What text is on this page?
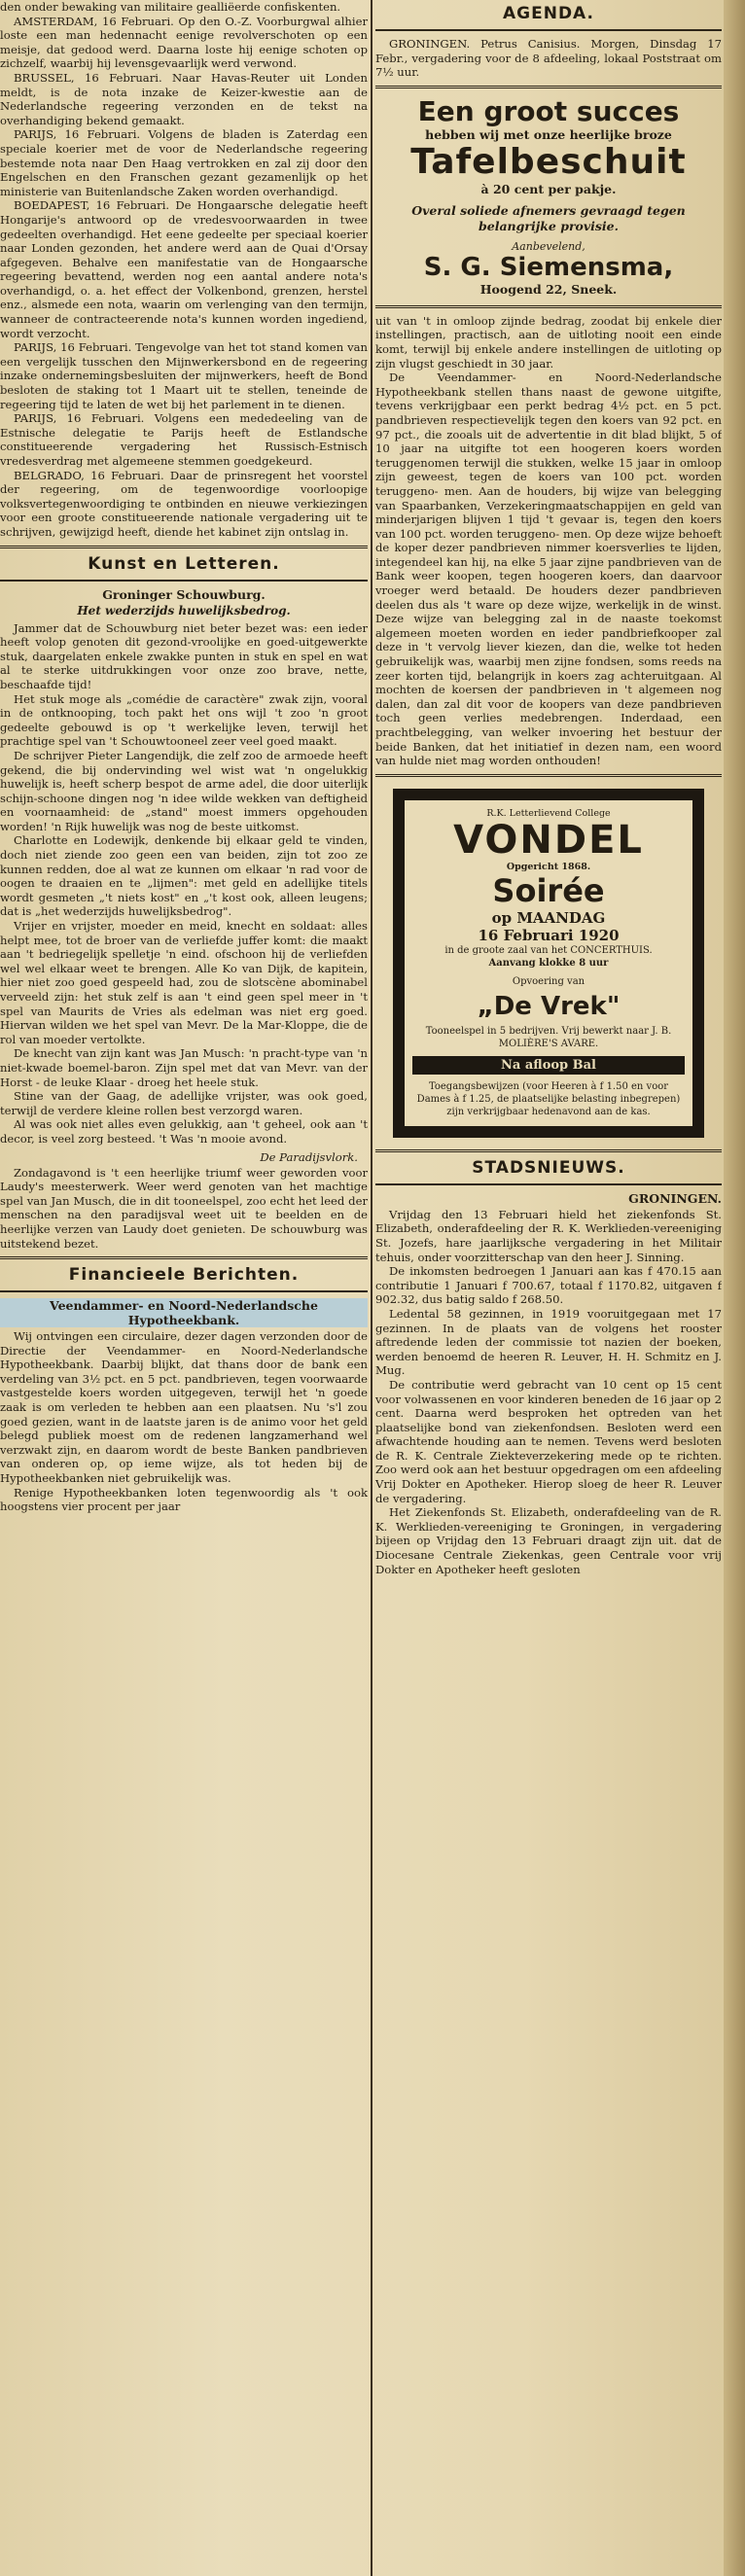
den onder bewaking van militaire gealliëerde confiskenten.

AMSTERDAM, 16 Februari. Op den O.-Z. Voorburgwal alhier loste een man hedennacht eenige revolverschoten op een meisje, dat gedood werd. Daarna loste hij eenige schoten op zichzelf, waarbij hij levensgevaarlijk werd verwond.

BRUSSEL, 16 Februari. Naar Havas-Reuter uit Londen meldt, is de nota inzake de Keizer-kwestie aan de Nederlandsche regeering verzonden en de tekst na overhandiging bekend gemaakt.

PARIJS, 16 Februari. Volgens de bladen is Zaterdag een speciale koerier met de voor de Nederlandsche regeering bestemde nota naar Den Haag vertrokken en zal zij door den Engelschen en den Franschen gezant gezamenlijk op het ministerie van Buitenlandsche Zaken worden overhandigd.

BOEDAPEST, 16 Februari. De Hongaarsche delegatie heeft Hongarije's antwoord op de vredesvoorwaarden in twee gedeelten overhandigd. Het eene gedeelte per speciaal koerier naar Londen gezonden, het andere werd aan de Quai d'Orsay afgegeven. Behalve een manifestatie van de Hongaarsche regeering bevattend, werden nog een aantal andere nota's overhandigd, o. a. het effect der Volkenbond, grenzen, herstel enz., alsmede een nota, waarin om verlenging van den termijn, wanneer de contracteerende nota's kunnen worden ingediend, wordt verzocht.

PARIJS, 16 Februari. Tengevolge van het tot stand komen van een vergelijk tusschen den Mijnwerkersbond en de regeering inzake ondernemingsbesluiten der mijnwerkers, heeft de Bond besloten de staking tot 1 Maart uit te stellen, teneinde de regeering tijd te laten de wet bij het parlement in te dienen.

PARIJS, 16 Februari. Volgens een mededeeling van de Estnische delegatie te Parijs heeft de Estlandsche constitueerende vergadering het Russisch-Estnisch vredesverdrag met algemeene stemmen goedgekeurd.

BELGRADO, 16 Februari. Daar de prinsregent het voorstel der regeering, om de tegenwoordige voorloopige volksvertegenwoordiging te ontbinden en nieuwe verkiezingen voor een groote constitueerende nationale vergadering uit te schrijven, gewijzigd heeft, diende het kabinet zijn ontslag in.

Kunst en Letteren.
Groninger Schouwburg.
Het wederzijds huwelijksbedrog.

Jammer dat de Schouwburg niet beter bezet was: een ieder heeft volop genoten dit gezond-vroolijke en goed-uitgewerkte stuk, daargelaten enkele zwakke punten in stuk en spel en wat al te sterke uitdrukkingen voor onze zoo brave, nette, beschaafde tijd!

Het stuk moge als „comédie de caractère" zwak zijn, vooral in de ontknooping, toch pakt het ons wijl 't zoo 'n groot gedeelte gebouwd is op 't werkelijke leven, terwijl het prachtige spel van 't Schouwtooneel zeer veel goed maakt.

De schrijver Pieter Langendijk, die zelf zoo de armoede heeft gekend, die bij ondervinding wel wist wat 'n ongelukkig huwelijk is, heeft scherp bespot de arme adel, die door uiterlijk schijn-schoone dingen nog 'n idee wilde wekken van deftigheid en voornaamheid: de „stand" moest immers opgehouden worden! 'n Rijk huwelijk was nog de beste uitkomst.

Charlotte en Lodewijk, denkende bij elkaar geld te vinden, doch niet ziende zoo geen een van beiden, zijn tot zoo ze kunnen redden, doe al wat ze kunnen om elkaar 'n rad voor de oogen te draaien en te „lijmen": met geld en adellijke titels wordt gesmeten „'t niets kost" en „'t kost ook, alleen leugens; dat is „het wederzijds huwelijksbedrog".

Vrijer en vrijster, moeder en meid, knecht en soldaat: alles helpt mee, tot de broer van de verliefde juffer komt: die maakt aan 't bedriegelijk spelletje 'n eind. ofschoon hij de verliefden wel wel elkaar weet te brengen. Alle Ko van Dijk, de kapitein, hier niet zoo goed gespeeld had, zou de slotscène abominabel verveeld zijn: het stuk zelf is aan 't eind geen spel meer in 't spel van Maurits de Vries als edelman was niet erg goed. Hiervan wilden we het spel van Mevr. De la Mar-Kloppe, die de rol van moeder vertolkte.

De knecht van zijn kant was Jan Musch: 'n pracht-type van 'n niet-kwade boemel-baron. Zijn spel met dat van Mevr. van der Horst - de leuke Klaar - droeg het heele stuk.

Stine van der Gaag, de adellijke vrijster, was ook goed, terwijl de verdere kleine rollen best verzorgd waren.

Al was ook niet alles even gelukkig, aan 't geheel, ook aan 't decor, is veel zorg besteed. 't Was 'n mooie avond.

De Paradijsvlork.

Zondagavond is 't een heerlijke triumf weer geworden voor Laudy's meesterwerk. Weer werd genoten van het machtige spel van Jan Musch, die in dit tooneelspel, zoo echt het leed der menschen na den paradijsval weet uit te beelden en de heerlijke verzen van Laudy doet genieten. De schouwburg was uitstekend bezet.

Financieele Berichten.
Veendammer- en Noord-Nederlandsche Hypotheekbank.

Wij ontvingen een circulaire, dezer dagen verzonden door de Directie der Veendammer- en Noord-Nederlandsche Hypotheekbank. Daarbij blijkt, dat thans door de bank een verdeling van 3½ pct. en 5 pct. pandbrieven, tegen voorwaarde vastgestelde koers worden uitgegeven, terwijl het 'n goede zaak is om verleden te hebben aan een plaatsen. Nu 's'l zou goed gezien, want in de laatste jaren is de animo voor het geld belegd publiek moest om de redenen langzamerhand wel verzwakt zijn, en daarom wordt de beste Banken pandbrieven van onderen op, op ieme wijze, als tot heden bij de Hypotheekbanken niet gebruikelijk was.

Renige Hypotheekbanken loten tegenwoordig als 't ook hoogstens vier procent per jaar

AGENDA.

GRONINGEN. Petrus Canisius. Morgen, Dinsdag 17 Febr., vergadering voor de 8 afdeeling, lokaal Poststraat om 7½ uur.

Een groot succes
hebben wij met onze heerlijke broze
Tafelbeschuit
à 20 cent per pakje.
Overal soliede afnemers gevraagd tegen belangrijke provisie.
Aanbevelend,
S. G. Siemensma,
Hoogend 22, Sneek.

uit van 't in omloop zijnde bedrag, zoodat bij enkele dier instellingen, practisch, aan de uitloting nooit een einde komt, terwijl bij enkele andere instellingen de uitloting op zijn vlugst geschiedt in 30 jaar.

De Veendammer- en Noord-Nederlandsche Hypotheekbank stellen thans naast de gewone uitgifte, tevens verkrijgbaar een perkt bedrag 4½ pct. en 5 pct. pandbrieven respectievelijk tegen den koers van 92 pct. en 97 pct., die zooals uit de advertentie in dit blad blijkt, 5 of 10 jaar na uitgifte tot een hoogeren koers worden teruggenomen terwijl die stukken, welke 15 jaar in omloop zijn geweest, tegen de koers van 100 pct. worden teruggeno- men. Aan de houders, bij wijze van belegging van Spaarbanken, Verzekeringmaatschappijen en geld van minderjarigen blijven 1 tijd 't gevaar is, tegen den koers van 100 pct. worden teruggeno- men. Op deze wijze behoeft de koper dezer pandbrieven nimmer koersverlies te lijden, integendeel kan hij, na elke 5 jaar zijne pandbrieven van de Bank weer koopen, tegen hoogeren koers, dan daarvoor vroeger werd betaald. De houders dezer pandbrieven deelen dus als 't ware op deze wijze, werkelijk in de winst. Deze wijze van belegging zal in de naaste toekomst algemeen moeten worden en ieder pandbriefkooper zal deze in 't vervolg liever kiezen, dan die, welke tot heden gebruikelijk was, waarbij men zijne fondsen, soms reeds na zeer korten tijd, belangrijk in koers zag achteruitgaan. Al mochten de koersen der pandbrieven in 't algemeen nog dalen, dan zal dit voor de koopers van deze pandbrieven toch geen verlies medebrengen. Inderdaad, een prachtbelegging, van welker invoering het bestuur der beide Banken, dat het initiatief in dezen nam, een woord van hulde niet mag worden onthouden!

R.K. Letterlievend College
VONDEL
Opgericht 1868.
Soirée
op MAANDAG
16 Februari 1920
in de groote zaal van het CONCERTHUIS.
Aanvang klokke 8 uur
Opvoering van
„De Vrek"
Tooneelspel in 5 bedrijven. Vrij bewerkt naar J. B. MOLIÈRE'S AVARE.
Na afloop Bal
Toegangsbewijzen (voor Heeren à f 1.50 en voor Dames à f 1.25, de plaatselijke belasting inbegrepen) zijn verkrijgbaar hedenavond aan de kas.
STADSNIEUWS.
GRONINGEN.

Vrijdag den 13 Februari hield het ziekenfonds St. Elizabeth, onderafdeeling der R. K. Werklieden-vereeniging St. Jozefs, hare jaarlijksche vergadering in het Militair tehuis, onder voorzitterschap van den heer J. Sinning.

De inkomsten bedroegen 1 Januari aan kas f 470.15 aan contributie 1 Januari f 700.67, totaal f 1170.82, uitgaven f 902.32, dus batig saldo f 268.50.

Ledental 58 gezinnen, in 1919 vooruitgegaan met 17 gezinnen. In de plaats van de volgens het rooster aftredende leden der commissie tot nazien der boeken, werden benoemd de heeren R. Leuver, H. H. Schmitz en J. Mug.

De contributie werd gebracht van 10 cent op 15 cent voor volwassenen en voor kinderen beneden de 16 jaar op 2 cent. Daarna werd besproken het optreden van het plaatselijke bond van ziekenfondsen. Besloten werd een afwachtende houding aan te nemen. Tevens werd besloten de R. K. Centrale Ziekteverzekering mede op te richten. Zoo werd ook aan het bestuur opgedragen om een afdeeling Vrij Dokter en Apotheker. Hierop sloeg de heer R. Leuver de vergadering.

Het Ziekenfonds St. Elizabeth, onderafdeeling van de R. K. Werklieden-vereeniging te Groningen, in vergadering bijeen op Vrijdag den 13 Februari draagt zijn uit. dat de Diocesane Centrale Ziekenkas, geen Centrale voor vrij Dokter en Apotheker heeft gesloten
